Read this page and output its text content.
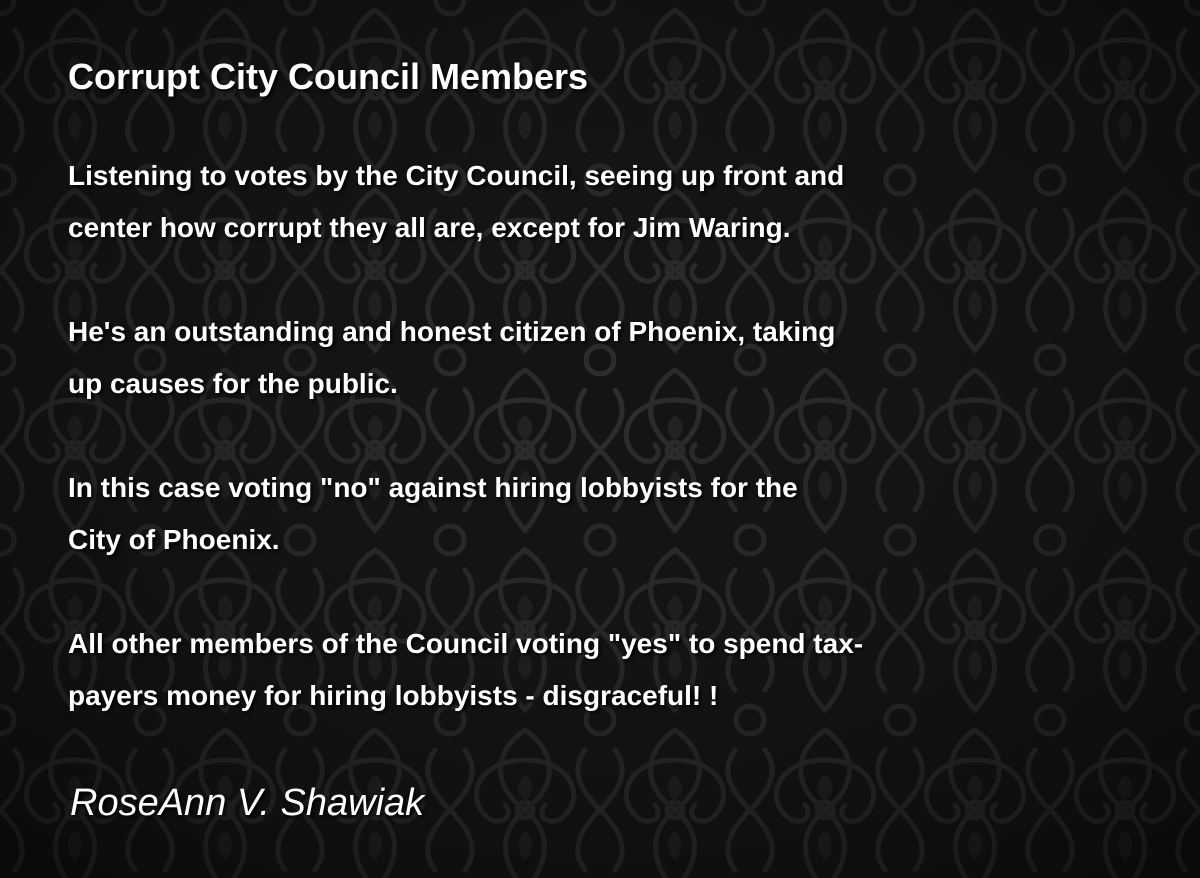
Corrupt City Council Members

Listening to votes by the City Council, seeing up front and
center how corrupt they all are, except for Jim Waring.

He's an outstanding and honest citizen of Phoenix, taking
up causes for the public.

In this case voting "no" against hiring lobbyists for the
City of Phoenix.

All other members of the Council voting "yes" to spend tax-
payers money for hiring lobbyists - disgraceful! !

RoseAnn V. Shawiak
